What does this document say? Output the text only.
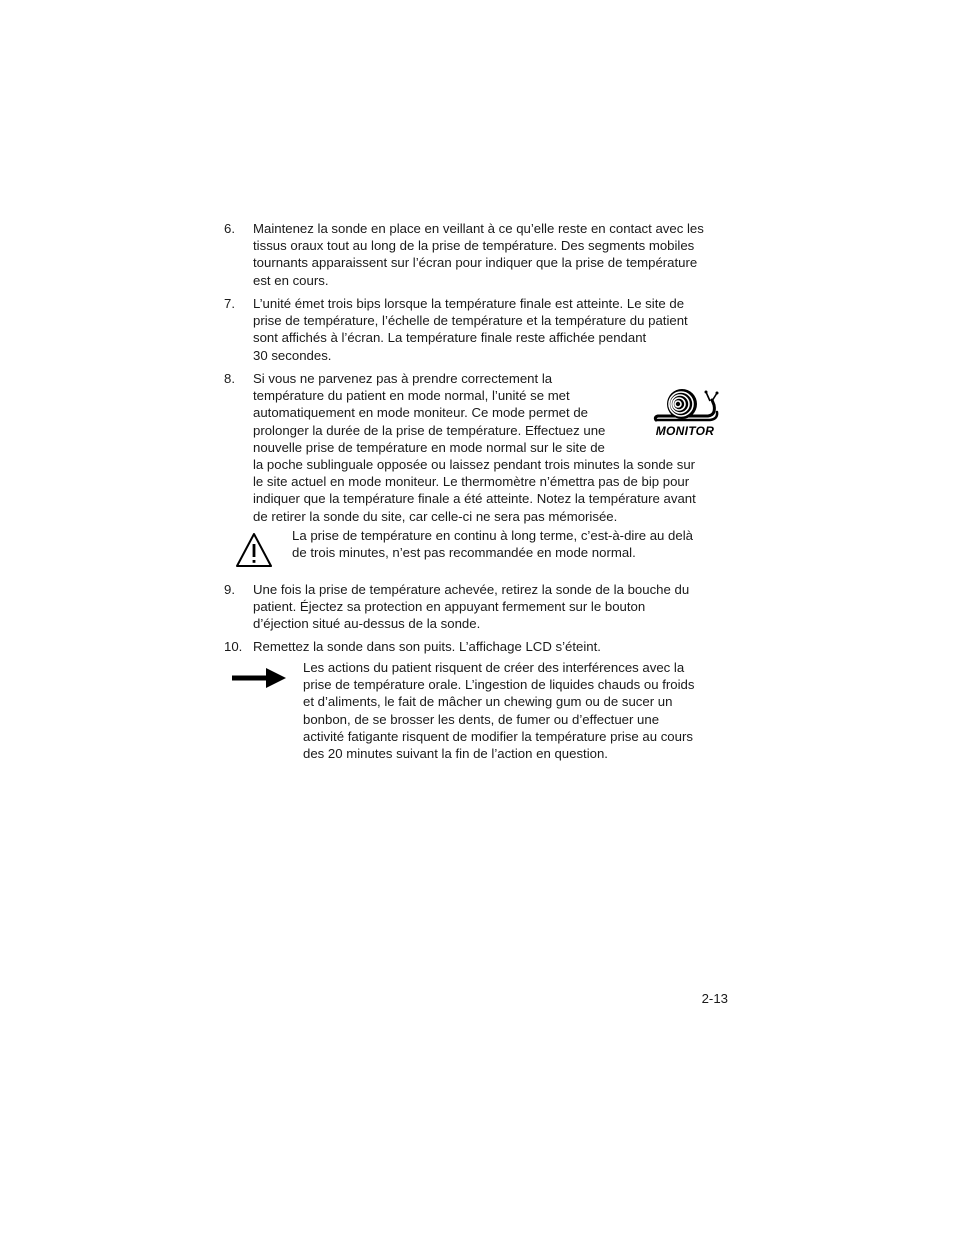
6.	Maintenez la sonde en place en veillant à ce qu’elle reste en contact avec les
tissus oraux tout au long de la prise de température. Des segments mobiles
tournants apparaissent sur l’écran pour indiquer que la prise de température
est en cours.
7.	L’unité émet trois bips lorsque la température finale est atteinte. Le site de
prise de température, l’échelle de température et la température du patient
sont affichés à l’écran. La température finale reste affichée pendant
30 secondes.
8.	Si vous ne parvenez pas à prendre correctement la
température du patient en mode normal, l’unité se met
automatiquement en mode moniteur. Ce mode permet de
prolonger la durée de la prise de température. Effectuez une
nouvelle prise de température en mode normal sur le site de
la poche sublinguale opposée ou laissez pendant trois minutes la sonde sur
le site actuel en mode moniteur. Le thermomètre n’émettra pas de bip pour
indiquer que la température finale a été atteinte. Notez la température avant
de retirer la sonde du site, car celle-ci ne sera pas mémorisée.
MONITOR
La prise de température en continu à long terme, c’est-à-dire au delà
de trois minutes, n’est pas recommandée en mode normal.
9.	Une fois la prise de température achevée, retirez la sonde de la bouche du
patient. Éjectez sa protection en appuyant fermement sur le bouton
d’éjection situé au-dessus de la sonde.
10. Remettez la sonde dans son puits. L’affichage LCD s’éteint.
Les actions du patient risquent de créer des interférences avec la
prise de température orale. L’ingestion de liquides chauds ou froids
et d’aliments, le fait de mâcher un chewing gum ou de sucer un
bonbon, de se brosser les dents, de fumer ou d’effectuer une
activité fatigante risquent de modifier la température prise au cours
des 20 minutes suivant la fin de l’action en question.
2-13
